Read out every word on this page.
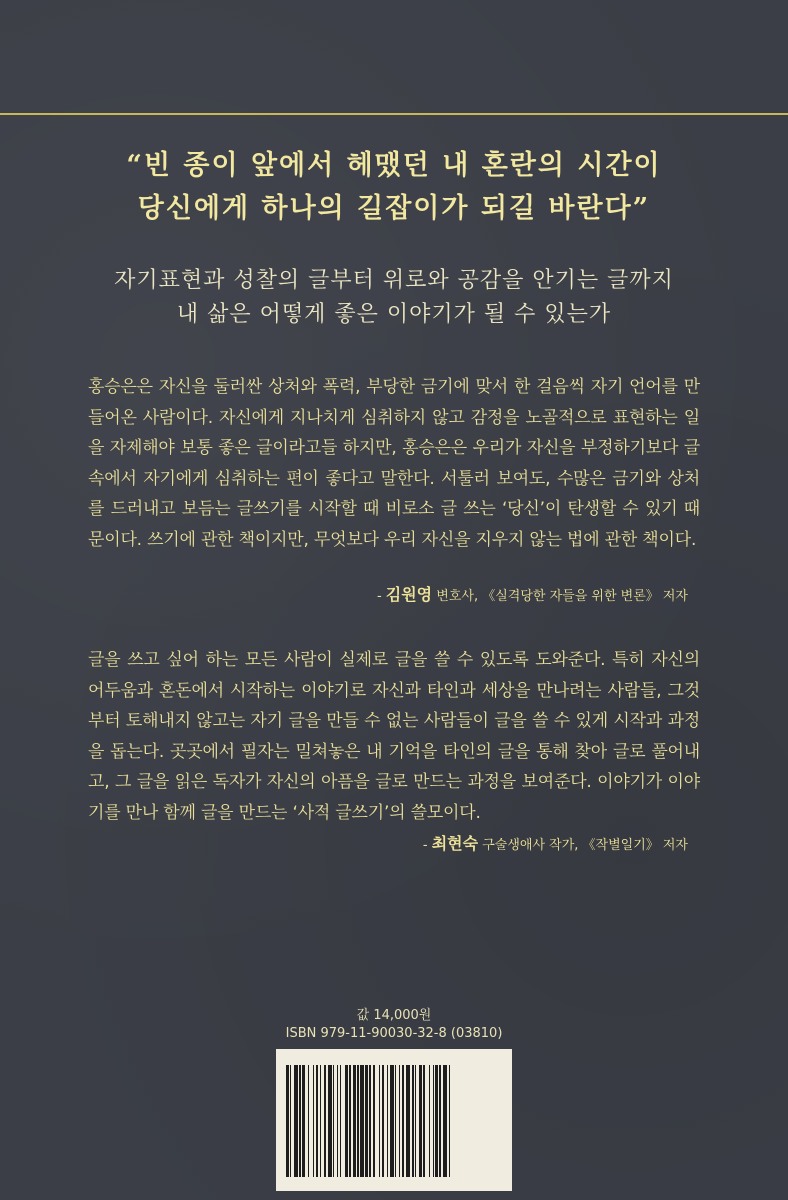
“빈 종이 앞에서 헤맸던 내 혼란의 시간이
당신에게 하나의 길잡이가 되길 바란다”
자기표현과 성찰의 글부터 위로와 공감을 안기는 글까지
내 삶은 어떻게 좋은 이야기가 될 수 있는가
홍승은은 자신을 둘러싼 상처와 폭력, 부당한 금기에 맞서 한 걸음씩 자기 언어를 만들어온 사람이다. 자신에게 지나치게 심취하지 않고 감정을 노골적으로 표현하는 일을 자제해야 보통 좋은 글이라고들 하지만, 홍승은은 우리가 자신을 부정하기보다 글 속에서 자기에게 심취하는 편이 좋다고 말한다. 서툴러 보여도, 수많은 금기와 상처를 드러내고 보듬는 글쓰기를 시작할 때 비로소 글 쓰는 ‘당신’이 탄생할 수 있기 때문이다. 쓰기에 관한 책이지만, 무엇보다 우리 자신을 지우지 않는 법에 관한 책이다.
- 김원영 변호사, 《실격당한 자들을 위한 변론》 저자
글을 쓰고 싶어 하는 모든 사람이 실제로 글을 쓸 수 있도록 도와준다. 특히 자신의 어두움과 혼돈에서 시작하는 이야기로 자신과 타인과 세상을 만나려는 사람들, 그것부터 토해내지 않고는 자기 글을 만들 수 없는 사람들이 글을 쓸 수 있게 시작과 과정을 돕는다. 곳곳에서 필자는 밀쳐놓은 내 기억을 타인의 글을 통해 찾아 글로 풀어내고, 그 글을 읽은 독자가 자신의 아픔을 글로 만드는 과정을 보여준다. 이야기가 이야기를 만나 함께 글을 만드는 ‘사적 글쓰기’의 쓸모이다.
- 최현숙 구술생애사 작가, 《작별일기》 저자
값 14,000원
ISBN 979-11-90030-32-8 (03810)
